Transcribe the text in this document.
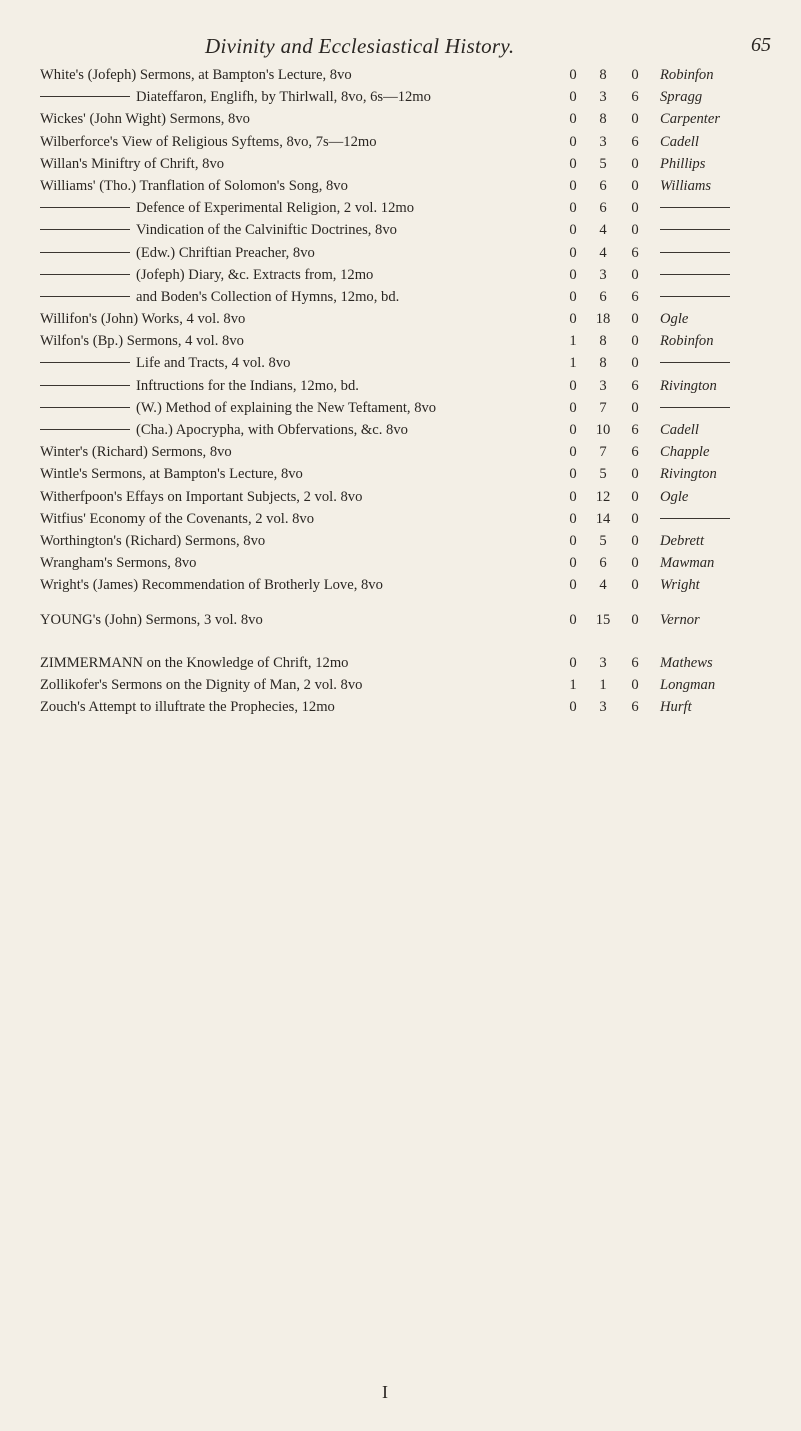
Divinity and Ecclesiastical History.	65
White's (Jofeph) Sermons, at Bampton's Lecture, 8vo	0	8	0 Robinfon
Diateffaron, Englifh, by Thirlwall, 8vo, 6s—12mo	0	3	6 Spragg
Wickes' (John Wight) Sermons, 8vo	0	8	0 Carpenter
Wilberforce's View of Religious Syftems, 8vo, 7s—12mo	0	3	6 Cadell
Willan's Miniftry of Chrift, 8vo	0	5	0 Phillips
Williams' (Tho.) Tranflation of Solomon's Song, 8vo	0	6	0 Williams
Defence of Experimental Religion, 2 vol. 12mo	0	6	0
Vindication of the Calviniftic Doctrines, 8vo	0	4	0
(Edw.) Chriftian Preacher, 8vo	0	4	6
(Jofeph) Diary, &c. Extracts from, 12mo	0	3	0
and Boden's Collection of Hymns, 12mo, bd.	0	6	6
Willifon's (John) Works, 4 vol. 8vo	0	18	0 Ogle
Wilfon's (Bp.) Sermons, 4 vol. 8vo	1	8	0 Robinfon
Life and Tracts, 4 vol. 8vo	1	8	0
Inftructions for the Indians, 12mo, bd.	0	3	6 Rivington
(W.) Method of explaining the New Teftament, 8vo	0	7	0
(Cha.) Apocrypha, with Obfervations, &c. 8vo	0	10	6 Cadell
Winter's (Richard) Sermons, 8vo	0	7	6 Chapple
Wintle's Sermons, at Bampton's Lecture, 8vo	0	5	0 Rivington
Witherfpoon's Effays on Important Subjects, 2 vol. 8vo	0	12	0 Ogle
Witfius' Economy of the Covenants, 2 vol. 8vo	0	14	0
Worthington's (Richard) Sermons, 8vo	0	5	0 Debrett
Wrangham's Sermons, 8vo	0	6	0 Mawman
Wright's (James) Recommendation of Brotherly Love, 8vo	0	4	0 Wright
YOUNG's (John) Sermons, 3 vol. 8vo	0	15	0 Vernor
ZIMMERMANN on the Knowledge of Chrift, 12mo	0	3	6 Mathews
Zollikofer's Sermons on the Dignity of Man, 2 vol. 8vo	1	1	0 Longman
Zouch's Attempt to illuftrate the Prophecies, 12mo	0	3	6 Hurft
I
